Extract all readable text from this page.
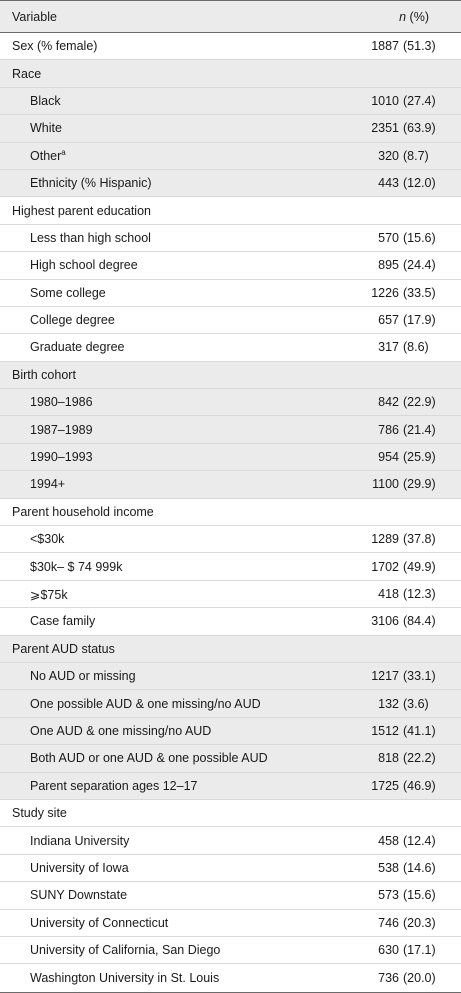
Variable	n (%)
Sex (% female)	1887 (51.3)
Race
Black	1010 (27.4)
White	2351 (63.9)
Other$^a$	320 (8.7)
Ethnicity (% Hispanic)	443 (12.0)
Highest parent education
Less than high school	570 (15.6)
High school degree	895 (24.4)
Some college	1226 (33.5)
College degree	657 (17.9)
Graduate degree	317 (8.6)
Birth cohort
1980–1986	842 (22.9)
1987–1989	786 (21.4)
1990–1993	954 (25.9)
1994+	1100 (29.9)
Parent household income
<$30k	1289 (37.8)
$30k– $ 74 999k	1702 (49.9)
⩾$75k	418 (12.3)
Case family	3106 (84.4)
Parent AUD status
No AUD or missing	1217 (33.1)
One possible AUD & one missing/no AUD	132 (3.6)
One AUD & one missing/no AUD	1512 (41.1)
Both AUD or one AUD & one possible AUD	818 (22.2)
Parent separation ages 12–17	1725 (46.9)
Study site
Indiana University	458 (12.4)
University of Iowa	538 (14.6)
SUNY Downstate	573 (15.6)
University of Connecticut	746 (20.3)
University of California, San Diego	630 (17.1)
Washington University in St. Louis	736 (20.0)
